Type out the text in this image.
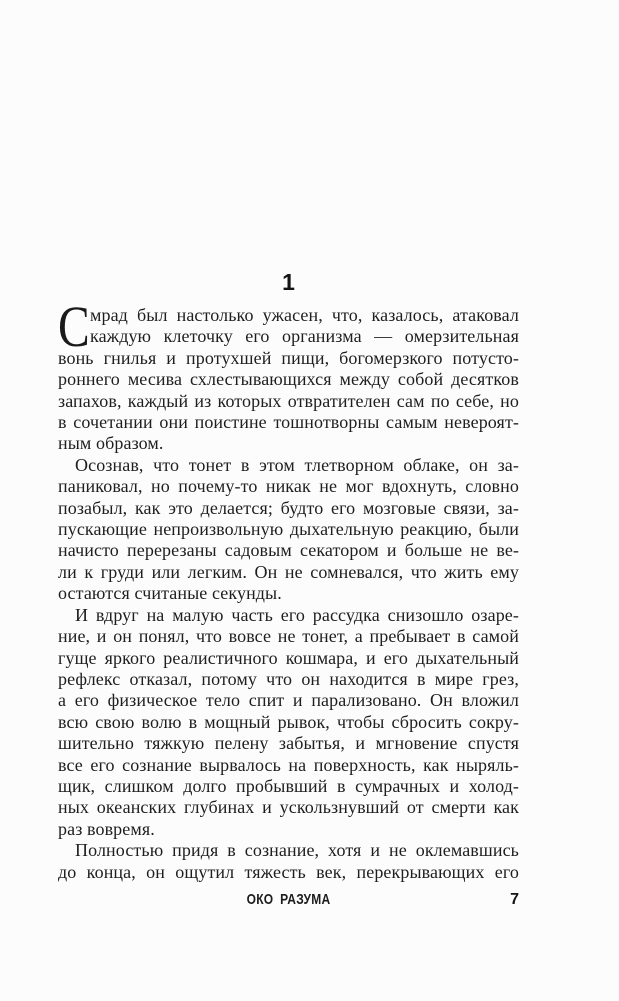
1
С мрад был настолько ужасен, что, казалось, атаковал
каждую клеточку его организма — омерзительная
вонь гнилья и протухшей пищи, богомерзкого потусто-
роннего месива схлестывающихся между собой десятков
запахов, каждый из которых отвратителен сам по себе, но
в сочетании они поистине тошнотворны самым невероят-
ным образом.
Осознав, что тонет в этом тлетворном облаке, он за-
паниковал, но почему-то никак не мог вдохнуть, словно
позабыл, как это делается; будто его мозговые связи, за-
пускающие непроизвольную дыхательную реакцию, были
начисто перерезаны садовым секатором и больше не ве-
ли к груди или легким. Он не сомневался, что жить ему
остаются считаные секунды.
И вдруг на малую часть его рассудка снизошло озаре-
ние, и он понял, что вовсе не тонет, а пребывает в самой
гуще яркого реалистичного кошмара, и его дыхательный
рефлекс отказал, потому что он находится в мире грез,
а его физическое тело спит и парализовано. Он вложил
всю свою волю в мощный рывок, чтобы сбросить сокру-
шительно тяжкую пелену забытья, и мгновение спустя
все его сознание вырвалось на поверхность, как ныряль-
щик, слишком долго пробывший в сумрачных и холод-
ных океанских глубинах и ускользнувший от смерти как
раз вовремя.
Полностью придя в сознание, хотя и не оклемавшись
до конца, он ощутил тяжесть век, перекрывающих его
ОКО РАЗУМА	7
